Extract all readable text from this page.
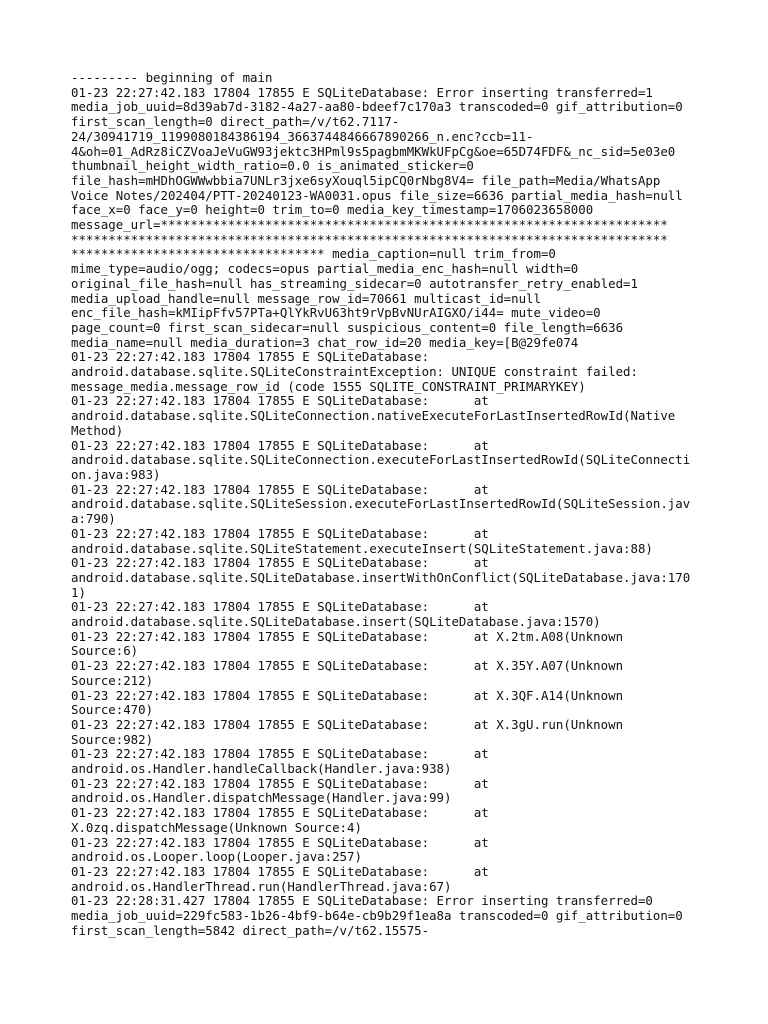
--------- beginning of main
01-23 22:27:42.183 17804 17855 E SQLiteDatabase: Error inserting transferred=1
media_job_uuid=8d39ab7d-3182-4a27-aa80-bdeef7c170a3 transcoded=0 gif_attribution=0
first_scan_length=0 direct_path=/v/t62.7117-
24/30941719_1199080184386194_3663744846667890266_n.enc?ccb=11-
4&oh=01_AdRz8iCZVoaJeVuGW93jektc3HPml9s5pagbmMKWkUFpCg&oe=65D74FDF&_nc_sid=5e03e0
thumbnail_height_width_ratio=0.0 is_animated_sticker=0
file_hash=mHDhOGWWwbbia7UNLr3jxe6syXouql5ipCQ0rNbg8V4= file_path=Media/WhatsApp
Voice Notes/202404/PTT-20240123-WA0031.opus file_size=6636 partial_media_hash=null
face_x=0 face_y=0 height=0 trim_to=0 media_key_timestamp=1706023658000
message_url=********************************************************************
********************************************************************************
********************************** media_caption=null trim_from=0
mime_type=audio/ogg; codecs=opus partial_media_enc_hash=null width=0
original_file_hash=null has_streaming_sidecar=0 autotransfer_retry_enabled=1
media_upload_handle=null message_row_id=70661 multicast_id=null
enc_file_hash=kMIipFfv57PTa+QlYkRvU63ht9rVpBvNUrAIGXO/i44= mute_video=0
page_count=0 first_scan_sidecar=null suspicious_content=0 file_length=6636
media_name=null media_duration=3 chat_row_id=20 media_key=[B@29fe074
01-23 22:27:42.183 17804 17855 E SQLiteDatabase:
android.database.sqlite.SQLiteConstraintException: UNIQUE constraint failed:
message_media.message_row_id (code 1555 SQLITE_CONSTRAINT_PRIMARYKEY)
01-23 22:27:42.183 17804 17855 E SQLiteDatabase:      at
android.database.sqlite.SQLiteConnection.nativeExecuteForLastInsertedRowId(Native
Method)
01-23 22:27:42.183 17804 17855 E SQLiteDatabase:      at
android.database.sqlite.SQLiteConnection.executeForLastInsertedRowId(SQLiteConnecti
on.java:983)
01-23 22:27:42.183 17804 17855 E SQLiteDatabase:      at
android.database.sqlite.SQLiteSession.executeForLastInsertedRowId(SQLiteSession.jav
a:790)
01-23 22:27:42.183 17804 17855 E SQLiteDatabase:      at
android.database.sqlite.SQLiteStatement.executeInsert(SQLiteStatement.java:88)
01-23 22:27:42.183 17804 17855 E SQLiteDatabase:      at
android.database.sqlite.SQLiteDatabase.insertWithOnConflict(SQLiteDatabase.java:170
1)
01-23 22:27:42.183 17804 17855 E SQLiteDatabase:      at
android.database.sqlite.SQLiteDatabase.insert(SQLiteDatabase.java:1570)
01-23 22:27:42.183 17804 17855 E SQLiteDatabase:      at X.2tm.A08(Unknown
Source:6)
01-23 22:27:42.183 17804 17855 E SQLiteDatabase:      at X.35Y.A07(Unknown
Source:212)
01-23 22:27:42.183 17804 17855 E SQLiteDatabase:      at X.3QF.A14(Unknown
Source:470)
01-23 22:27:42.183 17804 17855 E SQLiteDatabase:      at X.3gU.run(Unknown
Source:982)
01-23 22:27:42.183 17804 17855 E SQLiteDatabase:      at
android.os.Handler.handleCallback(Handler.java:938)
01-23 22:27:42.183 17804 17855 E SQLiteDatabase:      at
android.os.Handler.dispatchMessage(Handler.java:99)
01-23 22:27:42.183 17804 17855 E SQLiteDatabase:      at
X.0zq.dispatchMessage(Unknown Source:4)
01-23 22:27:42.183 17804 17855 E SQLiteDatabase:      at
android.os.Looper.loop(Looper.java:257)
01-23 22:27:42.183 17804 17855 E SQLiteDatabase:      at
android.os.HandlerThread.run(HandlerThread.java:67)
01-23 22:28:31.427 17804 17855 E SQLiteDatabase: Error inserting transferred=0
media_job_uuid=229fc583-1b26-4bf9-b64e-cb9b29f1ea8a transcoded=0 gif_attribution=0
first_scan_length=5842 direct_path=/v/t62.15575-
